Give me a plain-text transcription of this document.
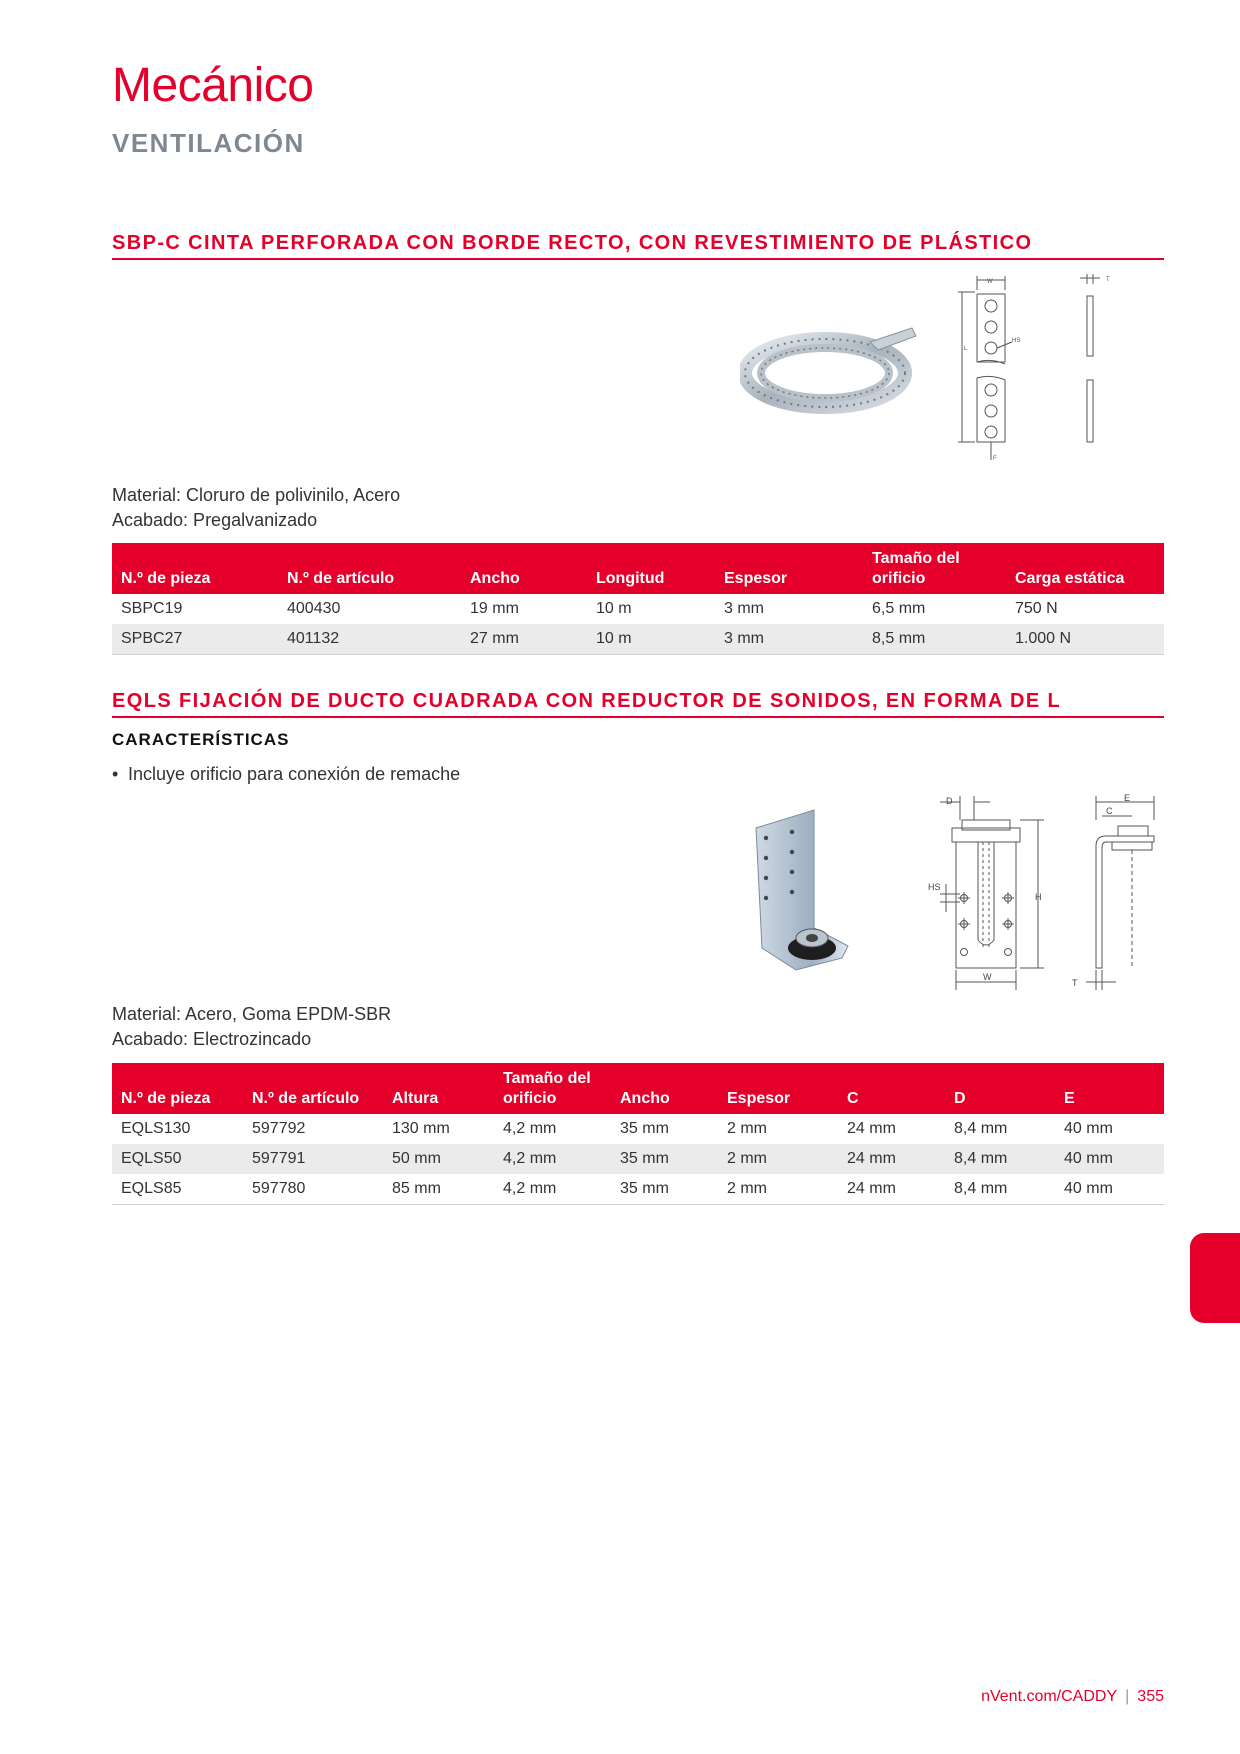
Mecánico
VENTILACIÓN
SBP-C CINTA PERFORADA CON BORDE RECTO, CON REVESTIMIENTO DE PLÁSTICO
W	T
L
HS
F
Material: Cloruro de polivinilo, Acero
Acabado: Pregalvanizado
N.º de pieza	N.º de artículo	Ancho	Longitud	Espesor	Tamaño del orificio	Carga estática
SBPC19	400430	19 mm	10 m	3 mm	6,5 mm	750 N
SPBC27	401132	27 mm	10 m	3 mm	8,5 mm	1.000 N
EQLS FIJACIÓN DE DUCTO CUADRADA CON REDUCTOR DE SONIDOS, EN FORMA DE L
CARACTERÍSTICAS
• Incluye orificio para conexión de remache
D
HS
H
W
E
C
T
Material: Acero, Goma EPDM-SBR
Acabado: Electrozincado
N.º de pieza	N.º de artículo	Altura	Tamaño del orificio	Ancho	Espesor	C	D	E
EQLS130	597792	130 mm	4,2 mm	35 mm	2 mm	24 mm	8,4 mm	40 mm
EQLS50	597791	50 mm	4,2 mm	35 mm	2 mm	24 mm	8,4 mm	40 mm
EQLS85	597780	85 mm	4,2 mm	35 mm	2 mm	24 mm	8,4 mm	40 mm
nVent.com/CADDY | 355
